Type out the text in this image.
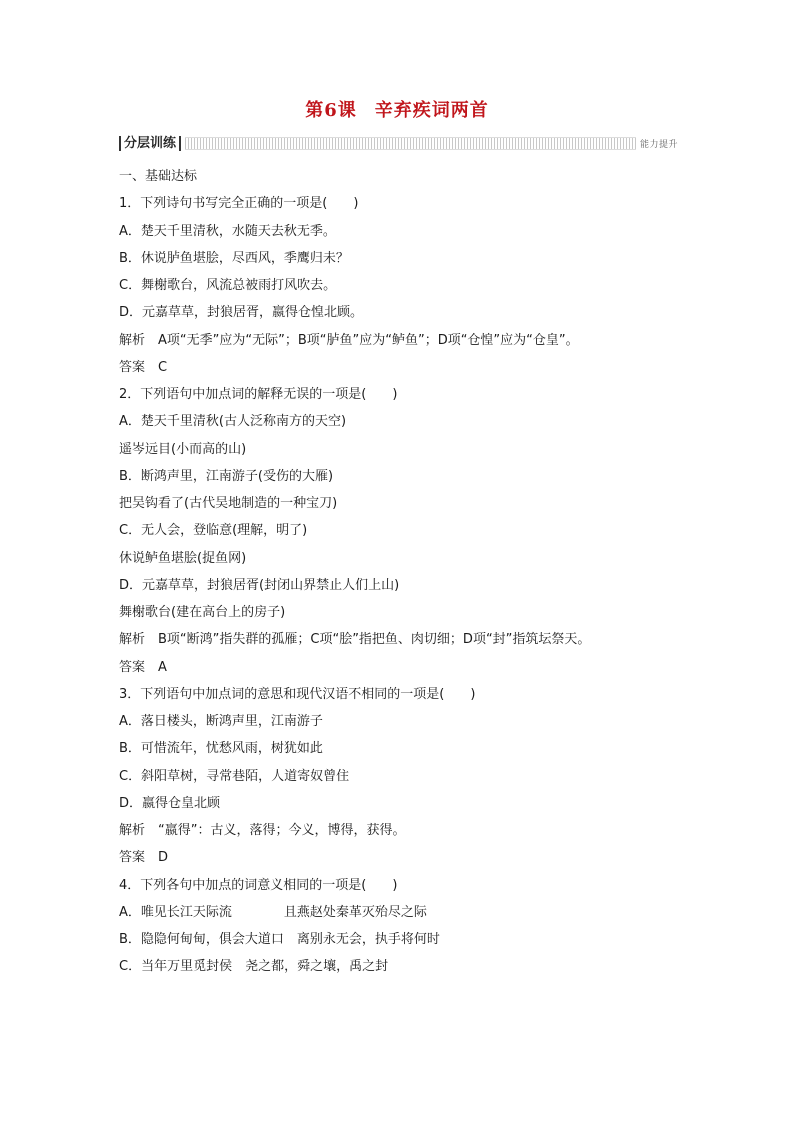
第6课 辛弃疾词两首
分层训练	能力提升
一、基础达标
1．下列诗句书写完全正确的一项是(　　)
A．楚天千里清秋，水随天去秋无季。
B．休说胪鱼堪脍，尽西风，季鹰归未？
C．舞榭歌台，风流总被雨打风吹去。
D．元嘉草草，封狼居胥，嬴得仓惶北顾。
解析　A项“无季”应为“无际”；B项“胪鱼”应为“鲈鱼”；D项“仓惶”应为“仓皇”。
答案　C
2．下列语句中加点词的解释无误的一项是(　　)
A．楚天千里清秋(古人泛称南方的天空)
遥岑远目(小而高的山)
B．断鸿声里，江南游子(受伤的大雁)
把吴钩看了(古代吴地制造的一种宝刀)
C．无人会，登临意(理解，明了)
休说鲈鱼堪脍(捉鱼网)
D．元嘉草草，封狼居胥(封闭山界禁止人们上山)
舞榭歌台(建在高台上的房子)
解析　B项“断鸿”指失群的孤雁；C项“脍”指把鱼、肉切细；D项“封”指筑坛祭天。
答案　A
3．下列语句中加点词的意思和现代汉语不相同的一项是(　　)
A．落日楼头，断鸿声里，江南游子
B．可惜流年，忧愁风雨，树犹如此
C．斜阳草树，寻常巷陌，人道寄奴曾住
D．嬴得仓皇北顾
解析　“嬴得”：古义，落得；今义，博得，获得。
答案　D
4．下列各句中加点的词意义相同的一项是(　　)
A．唯见长江天际流　　　　且燕赵处秦革灭殆尽之际
B．隐隐何甸甸，俱会大道口　离别永无会，执手将何时
C．当年万里觅封侯　尧之都，舜之壤，禹之封
